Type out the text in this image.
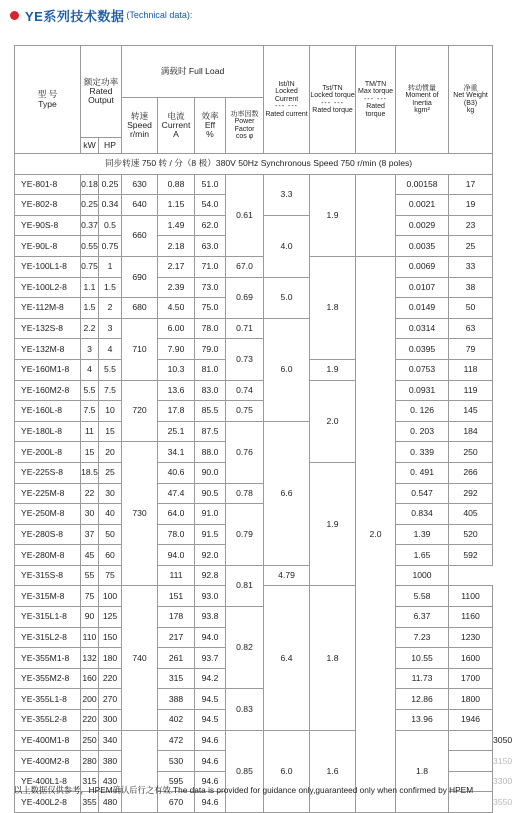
YE系列技术数据 (Technical data):
型 号
Type	额定功率
Rated Output		满载时 Full Load				Ist/IN
Locked Current
--- ---
Rated current	Tst/TN
Locked torque
--- ---
Rated torque	TM/TN
Max torque
--- ---
Rated torque	转动惯量
Moment of Inertia
kgm²	净重
Net Weight
(B3)
kg	
			转速
Speed
r/min	电流
Current
A	效率
Eff
%	功率因数
Power Factor
cos φ						
	kW	HP										
同步转速 750 转 / 分（8 极）380V 50Hz Synchronous Speed 750 r/min (8 poles)												
YE-801-8	0.18	0.25	630	0.88	51.0	0.61	3.3	1.9		0.00158	17	
YE-802-8	0.25	0.34	640	1.15	54.0					0.0021	19	
YE-90S-8	0.37	0.5	660	1.49	62.0		4.0			0.0029	23	
YE-90L-8	0.55	0.75		2.18	63.0					0.0035	25	
YE-100L1-8	0.75	1	690	2.17	71.0	67.0		1.8	2.0	0.0069	33	
YE-100L2-8	1.1	1.5		2.39	73.0	0.69	5.0			0.0107	38	
YE-112M-8	1.5	2	680	4.50	75.0					0.0149	50	
YE-132S-8	2.2	3	710	6.00	78.0	0.71	6.0			0.0314	63	
YE-132M-8	3	4		7.90	79.0	0.73				0.0395	79	
YE-160M1-8	4	5.5		10.3	81.0			1.9		0.0753	118	
YE-160M2-8	5.5	7.5	720	13.6	83.0	0.74		2.0		0.0931	119	
YE-160L-8	7.5	10		17.8	85.5	0.75				0. 126	145	
YE-180L-8	11	15		25.1	87.5	0.76	6.6			0. 203	184	
YE-200L-8	15	20	730	34.1	88.0					0. 339	250	
YE-225S-8	18.5	25		40.6	90.0			1.9		0. 491	266	
YE-225M-8	22	30		47.4	90.5	0.78				0.547	292	
YE-250M-8	30	40		64.0	91.0	0.79				0.834	405	
YE-280S-8	37	50		78.0	91.5					1.39	520	
YE-280M-8	45	60		94.0	92.0					1.65	592	
YE-315S-8	55	75		111	92.8	0.81	4.79			1000		
YE-315M-8	75	100	740	151	93.0		6.4	1.8		5.58	1100	
YE-315L1-8	90	125		178	93.8	0.82				6.37	1160	
YE-315L2-8	110	150		217	94.0					7.23	1230	
YE-355M1-8	132	180		261	93.7					10.55	1600	
YE-355M2-8	160	220		315	94.2					11.73	1700	
YE-355L1-8	200	270		388	94.5	0.83				12.86	1800	
YE-355L2-8	220	300		402	94.5					13.96	1946	
YE-400M1-8	250	340		472	94.6	0.85	6.0	1.6		1.8		3050
YE-400M2-8	280	380		530	94.6							3150
YE-400L1-8	315	430		595	94.6							3300
YE-400L2-8	355	480		670	94.6							3550
以上数据仅供参考，HPEM确认后行之有效.The data is provided for guidance only,guaranteed only when confirmed by HPEM
